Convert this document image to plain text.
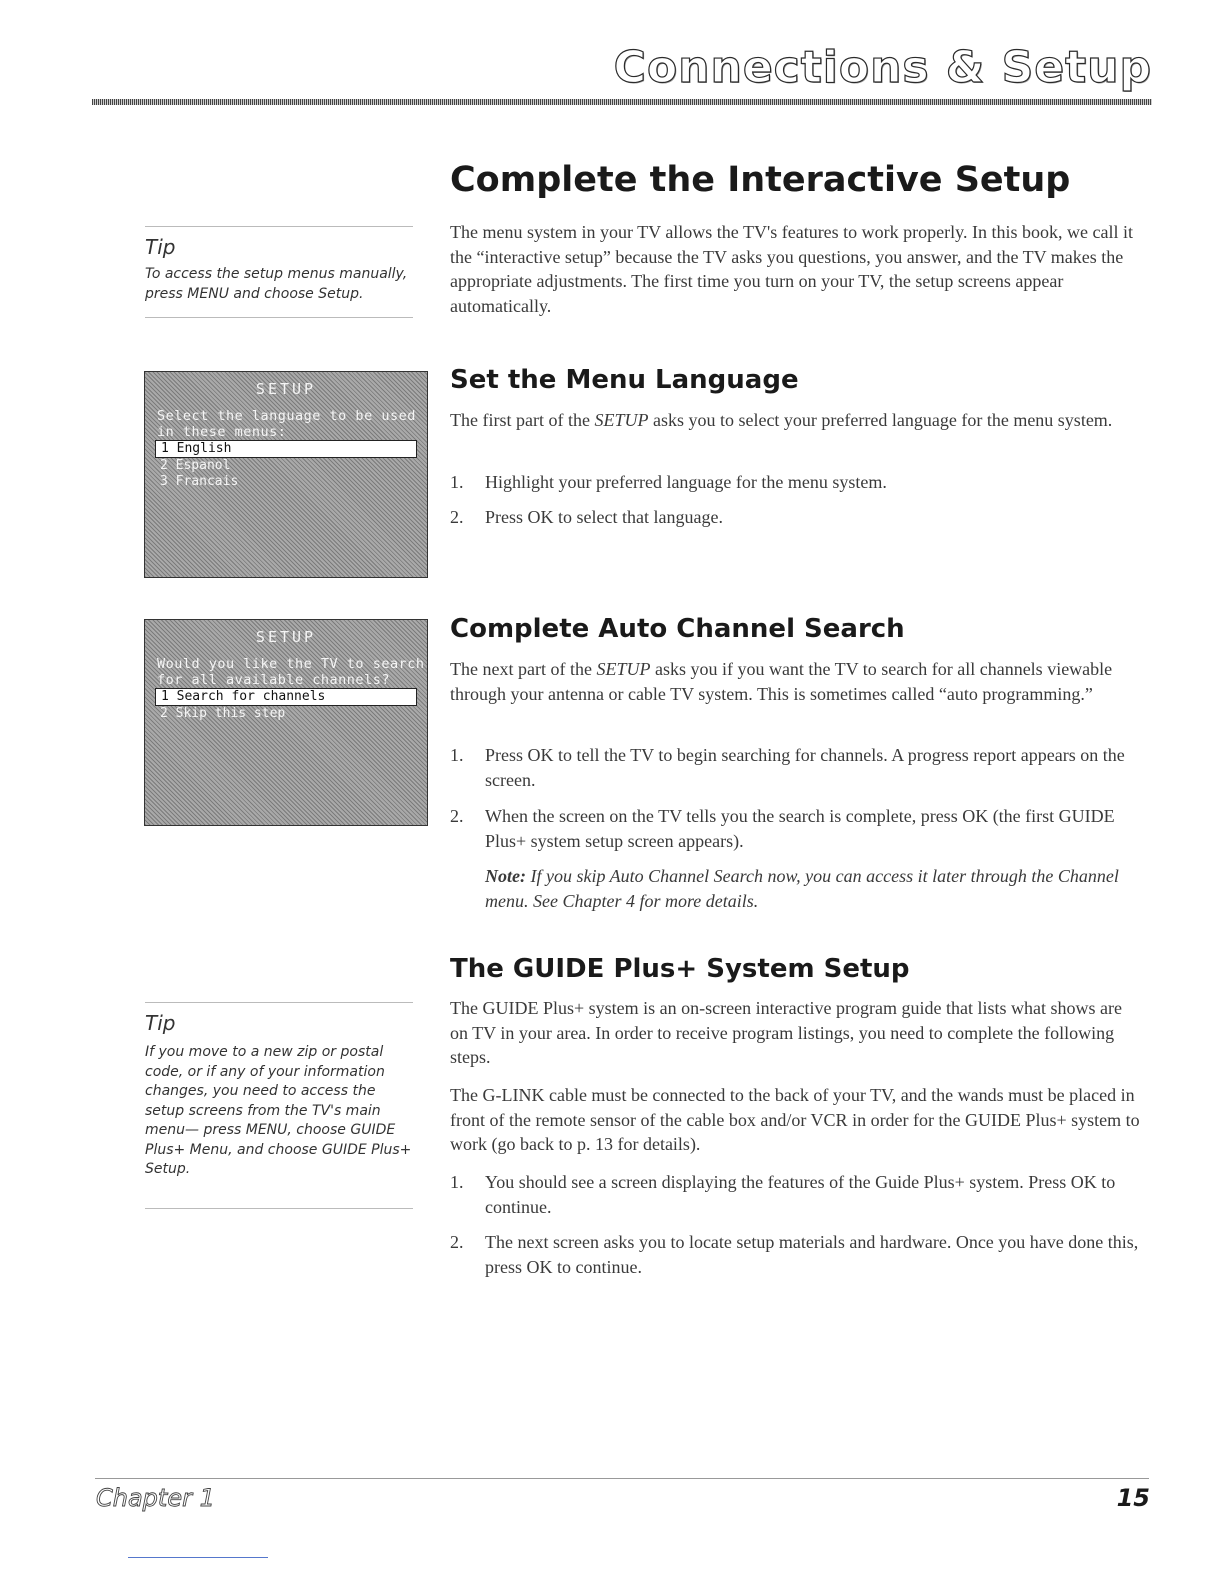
Connections & Setup
Complete the Interactive Setup

The menu system in your TV allows the TV's features to work properly. In this book, we call it the “interactive setup” because the TV asks you questions, you answer, and the TV makes the appropriate adjustments. The first time you turn on your TV, the setup screens appear automatically.

Tip

To access the setup menus manually, press MENU and choose Setup.

SETUP
Select the language to be used
in these menus:
1 English
2 Espanol
3 Francais
Set the Menu Language

The first part of the SETUP asks you to select your preferred language for the menu system.

1. Highlight your preferred language for the menu system.

2. Press OK to select that language.

SETUP
Would you like the TV to search
for all available channels?
1 Search for channels
2 Skip this step
Complete Auto Channel Search

The next part of the SETUP asks you if you want the TV to search for all channels viewable through your antenna or cable TV system. This is sometimes called “auto programming.”

1. Press OK to tell the TV to begin searching for channels. A progress report appears on the screen.

2. When the screen on the TV tells you the search is complete, press OK (the first GUIDE Plus+ system setup screen appears).

Note: If you skip Auto Channel Search now, you can access it later through the Channel menu. See Chapter 4 for more details.

The GUIDE Plus+ System Setup

The GUIDE Plus+ system is an on-screen interactive program guide that lists what shows are on TV in your area. In order to receive program listings, you need to complete the following steps.

The G-LINK cable must be connected to the back of your TV, and the wands must be placed in front of the remote sensor of the cable box and/or VCR in order for the GUIDE Plus+ system to work (go back to p. 13 for details).

1. You should see a screen displaying the features of the Guide Plus+ system. Press OK to continue.

2. The next screen asks you to locate setup materials and hardware. Once you have done this, press OK to continue.

Tip

If you move to a new zip or postal code, or if any of your information changes, you need to access the setup screens from the TV's main menu— press MENU, choose GUIDE Plus+ Menu, and choose GUIDE Plus+ Setup.

Chapter 1	15
